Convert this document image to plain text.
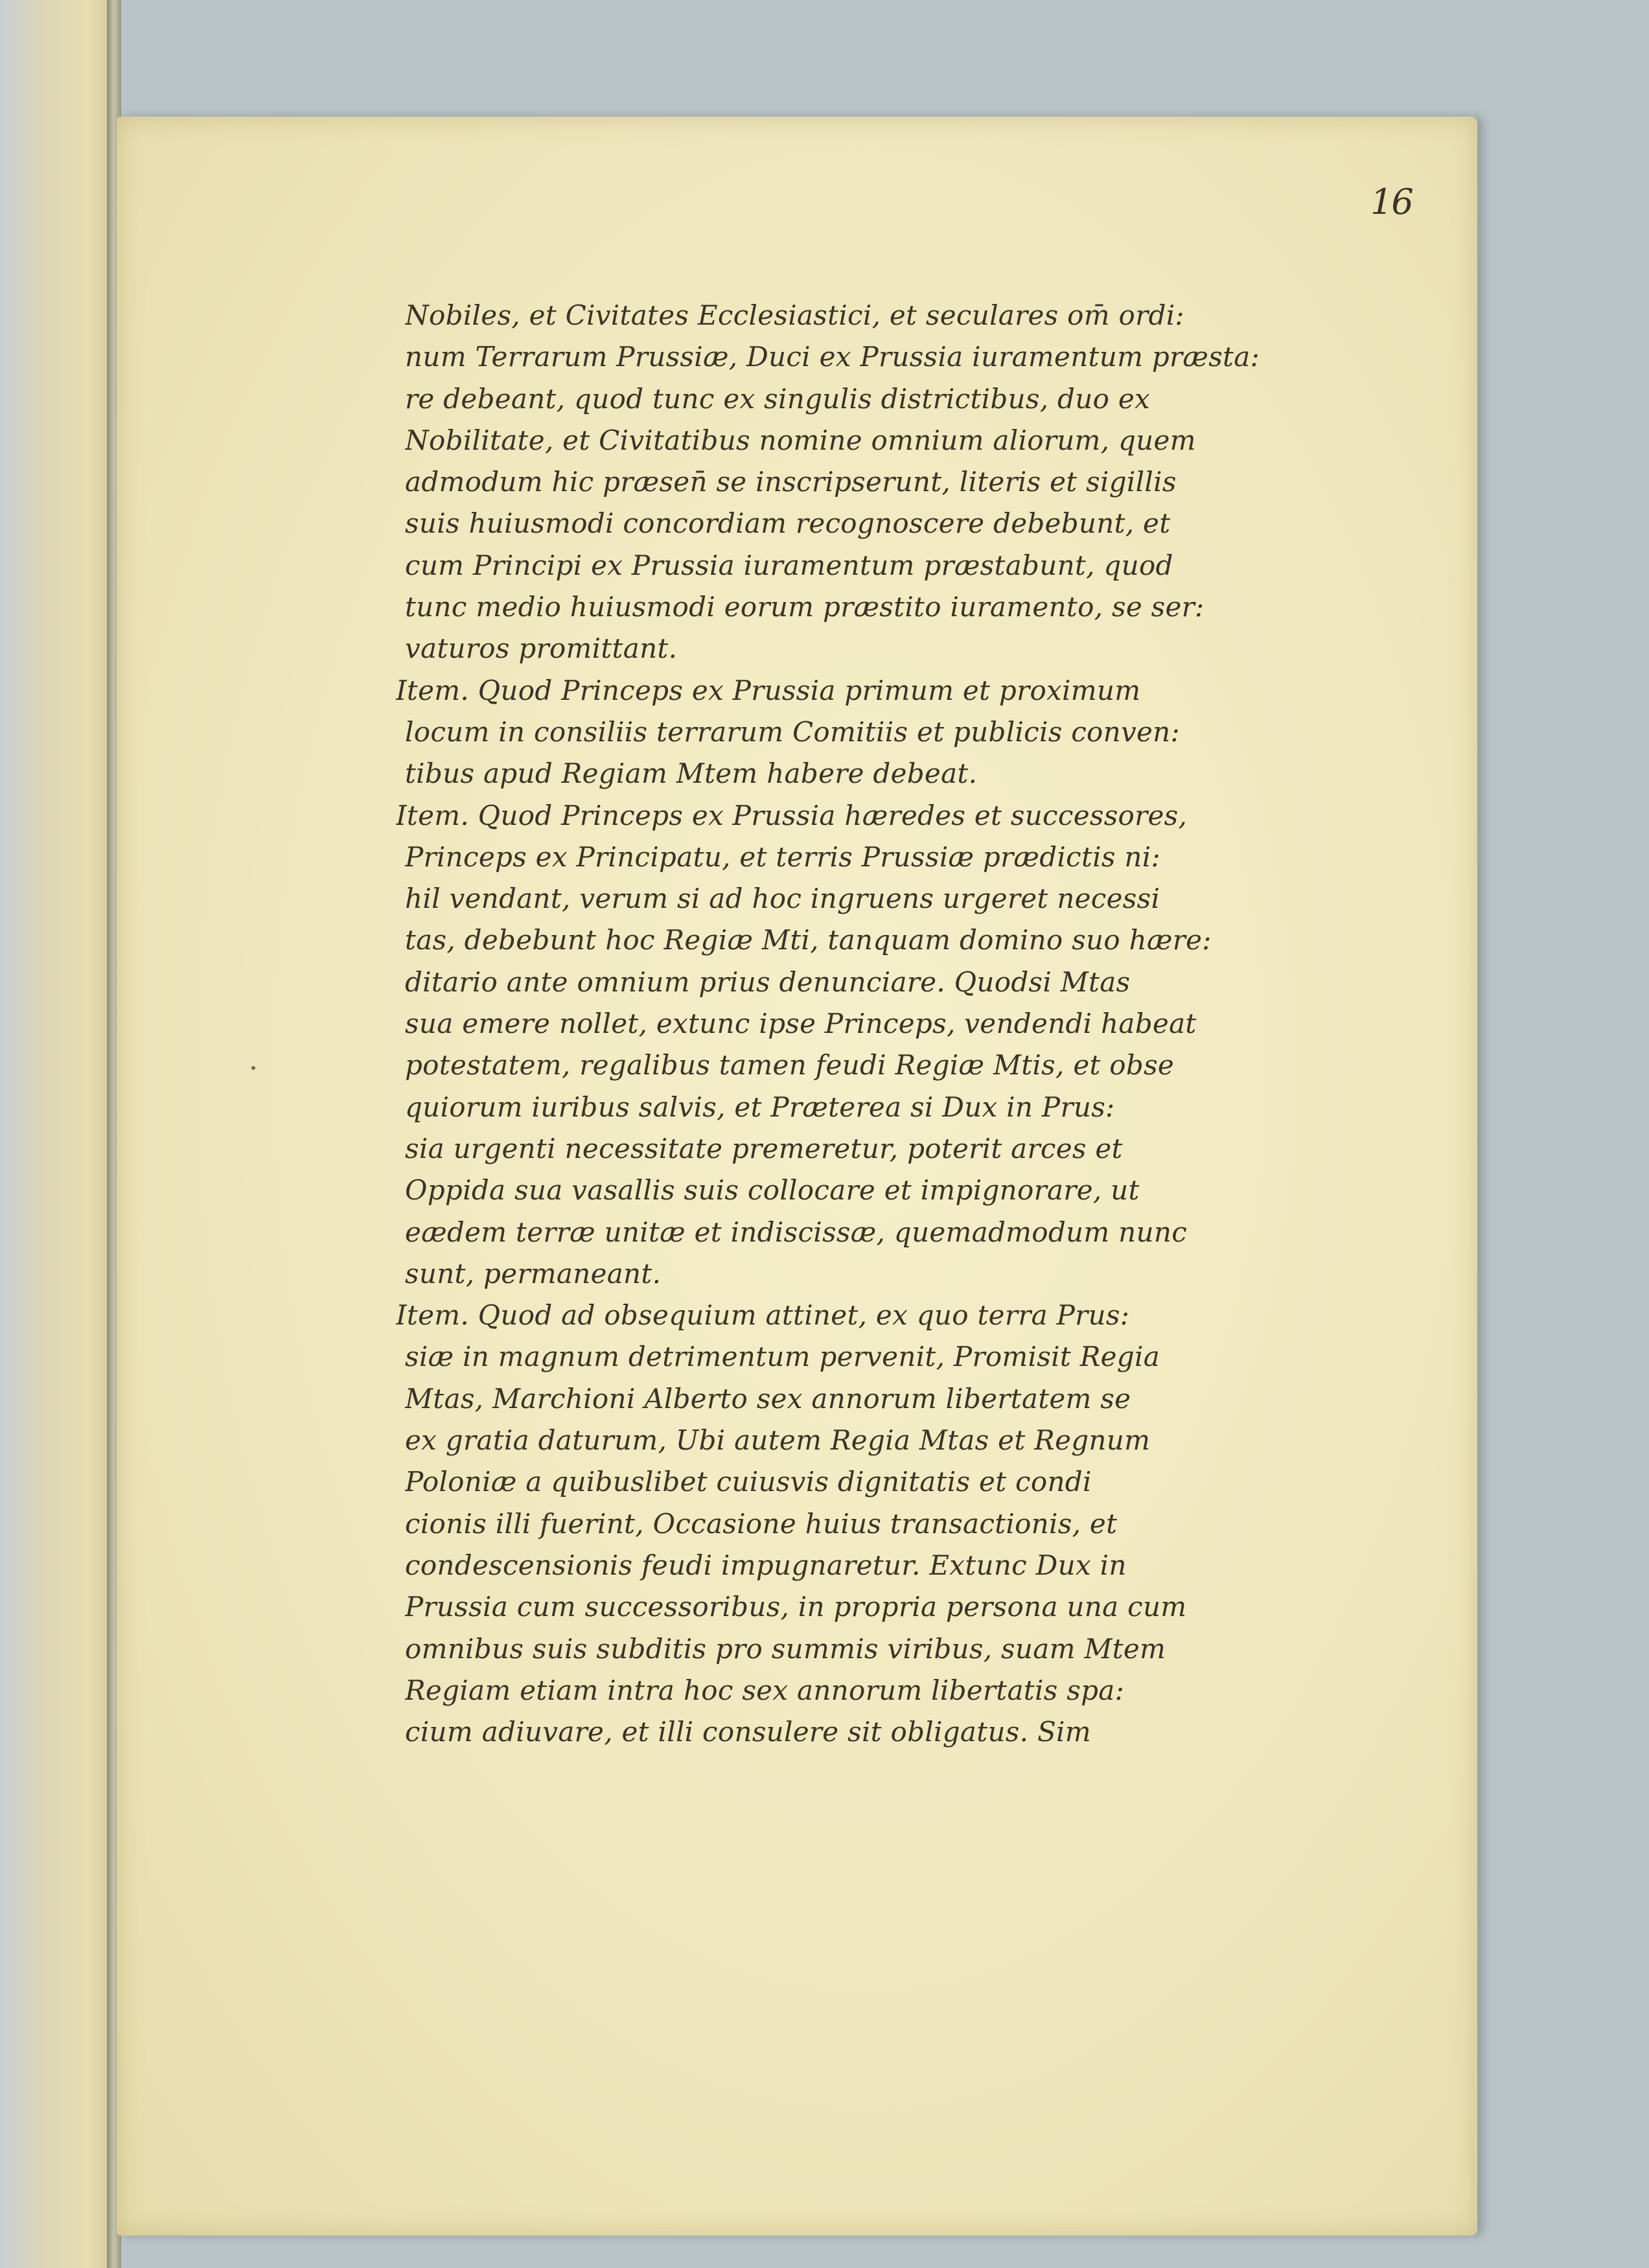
16
Nobiles, et Civitates Ecclesiastici, et seculares om̄ ordi:
num Terrarum Prussiæ, Duci ex Prussia iuramentum præsta:
re debeant, quod tunc ex singulis districtibus, duo ex
Nobilitate, et Civitatibus nomine omnium aliorum, quem
admodum hic præsen̄ se inscripserunt, literis et sigillis
suis huiusmodi concordiam recognoscere debebunt, et
cum Principi ex Prussia iuramentum præstabunt, quod
tunc medio huiusmodi eorum præstito iuramento, se ser:
vaturos promittant.
Item. Quod Princeps ex Prussia primum et proximum
locum in consiliis terrarum Comitiis et publicis conven:
tibus apud Regiam Mtem habere debeat.
Item. Quod Princeps ex Prussia hæredes et successores,
Princeps ex Principatu, et terris Prussiæ prædictis ni:
hil vendant, verum si ad hoc ingruens urgeret necessi
tas, debebunt hoc Regiæ Mti, tanquam domino suo hære:
ditario ante omnium prius denunciare. Quodsi Mtas
sua emere nollet, extunc ipse Princeps, vendendi habeat
potestatem, regalibus tamen feudi Regiæ Mtis, et obse
quiorum iuribus salvis, et Præterea si Dux in Prus:
sia urgenti necessitate premeretur, poterit arces et
Oppida sua vasallis suis collocare et impignorare, ut
eædem terræ unitæ et indiscissæ, quemadmodum nunc
sunt, permaneant.
Item. Quod ad obsequium attinet, ex quo terra Prus:
siæ in magnum detrimentum pervenit, Promisit Regia
Mtas, Marchioni Alberto sex annorum libertatem se
ex gratia daturum, Ubi autem Regia Mtas et Regnum
Poloniæ a quibuslibet cuiusvis dignitatis et condi
cionis illi fuerint, Occasione huius transactionis, et
condescensionis feudi impugnaretur. Extunc Dux in
Prussia cum successoribus, in propria persona una cum
omnibus suis subditis pro summis viribus, suam Mtem
Regiam etiam intra hoc sex annorum libertatis spa:
cium adiuvare, et illi consulere sit obligatus. Sim
